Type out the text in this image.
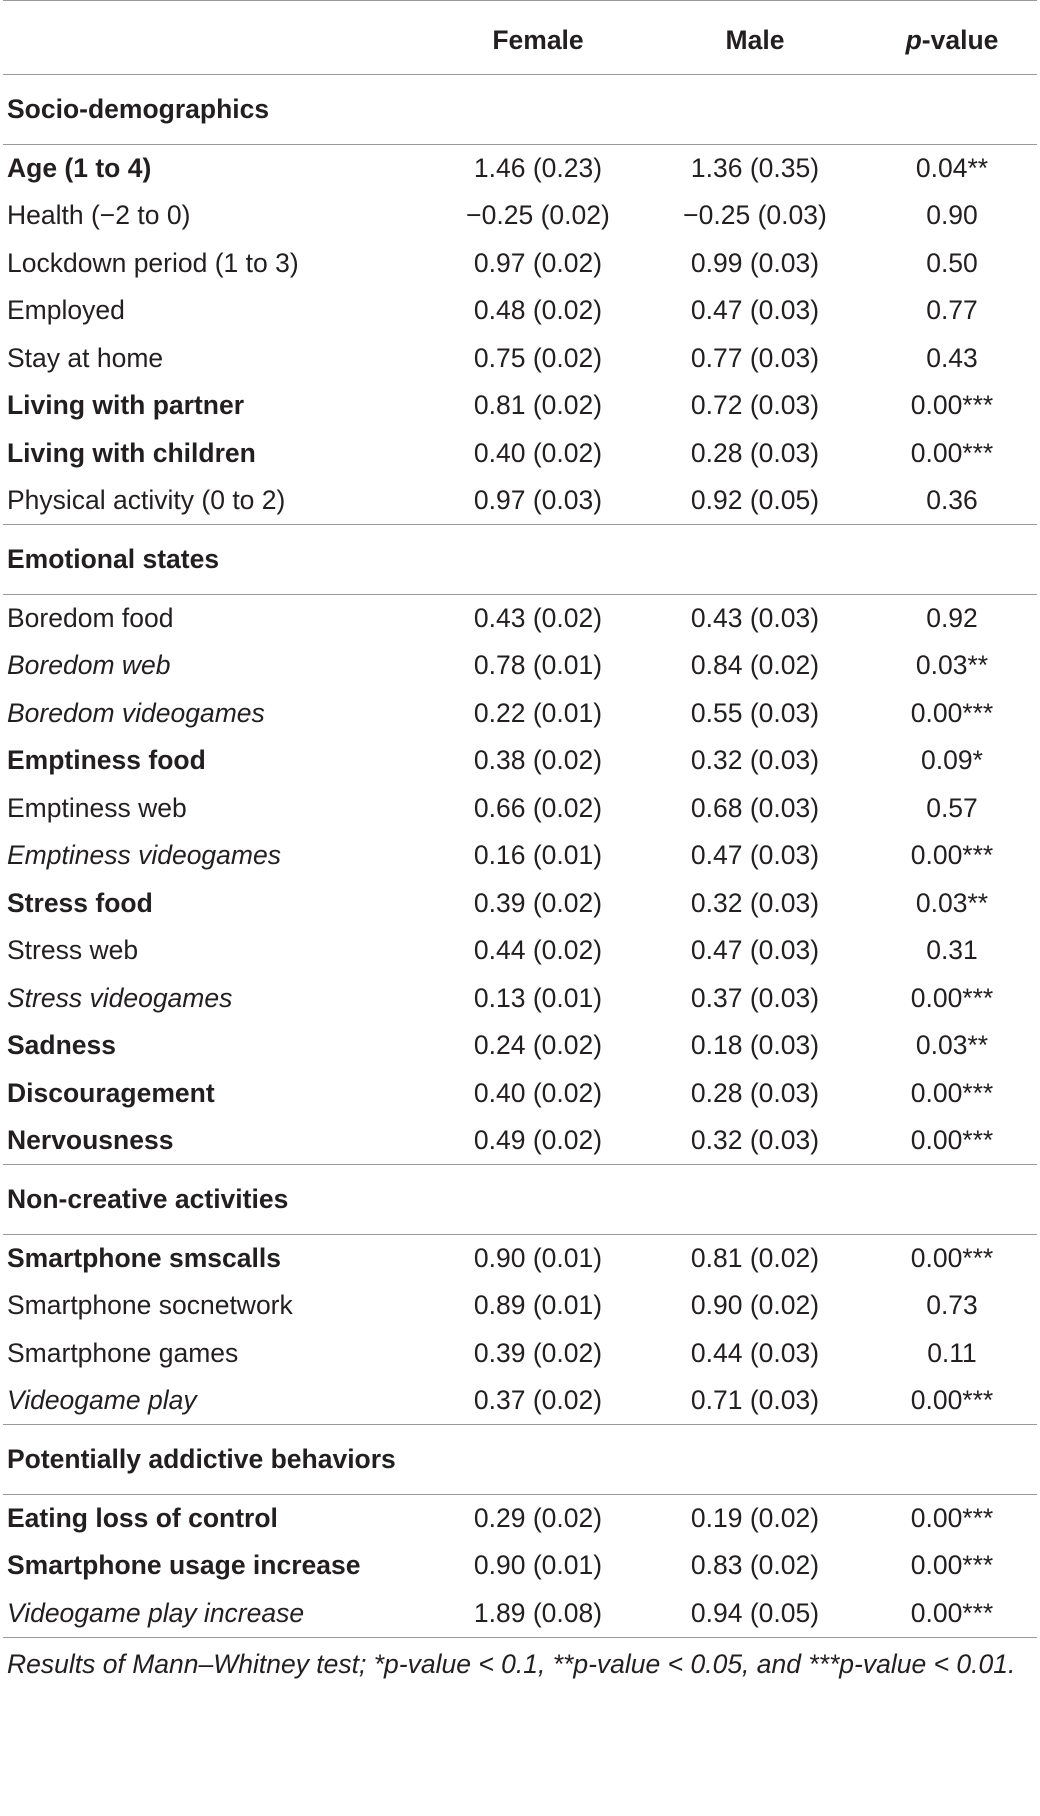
	Female	Male	p-value
Socio-demographics			
Age (1 to 4)	1.46 (0.23)	1.36 (0.35)	0.04**
Health (−2 to 0)	−0.25 (0.02)	−0.25 (0.03)	0.90
Lockdown period (1 to 3)	0.97 (0.02)	0.99 (0.03)	0.50
Employed	0.48 (0.02)	0.47 (0.03)	0.77
Stay at home	0.75 (0.02)	0.77 (0.03)	0.43
Living with partner	0.81 (0.02)	0.72 (0.03)	0.00***
Living with children	0.40 (0.02)	0.28 (0.03)	0.00***
Physical activity (0 to 2)	0.97 (0.03)	0.92 (0.05)	0.36
Emotional states			
Boredom food	0.43 (0.02)	0.43 (0.03)	0.92
Boredom web	0.78 (0.01)	0.84 (0.02)	0.03**
Boredom videogames	0.22 (0.01)	0.55 (0.03)	0.00***
Emptiness food	0.38 (0.02)	0.32 (0.03)	0.09*
Emptiness web	0.66 (0.02)	0.68 (0.03)	0.57
Emptiness videogames	0.16 (0.01)	0.47 (0.03)	0.00***
Stress food	0.39 (0.02)	0.32 (0.03)	0.03**
Stress web	0.44 (0.02)	0.47 (0.03)	0.31
Stress videogames	0.13 (0.01)	0.37 (0.03)	0.00***
Sadness	0.24 (0.02)	0.18 (0.03)	0.03**
Discouragement	0.40 (0.02)	0.28 (0.03)	0.00***
Nervousness	0.49 (0.02)	0.32 (0.03)	0.00***
Non-creative activities			
Smartphone smscalls	0.90 (0.01)	0.81 (0.02)	0.00***
Smartphone socnetwork	0.89 (0.01)	0.90 (0.02)	0.73
Smartphone games	0.39 (0.02)	0.44 (0.03)	0.11
Videogame play	0.37 (0.02)	0.71 (0.03)	0.00***
Potentially addictive behaviors			
Eating loss of control	0.29 (0.02)	0.19 (0.02)	0.00***
Smartphone usage increase	0.90 (0.01)	0.83 (0.02)	0.00***
Videogame play increase	1.89 (0.08)	0.94 (0.05)	0.00***
Results of Mann–Whitney test; *p-value < 0.1, **p-value < 0.05, and ***p-value < 0.01.
